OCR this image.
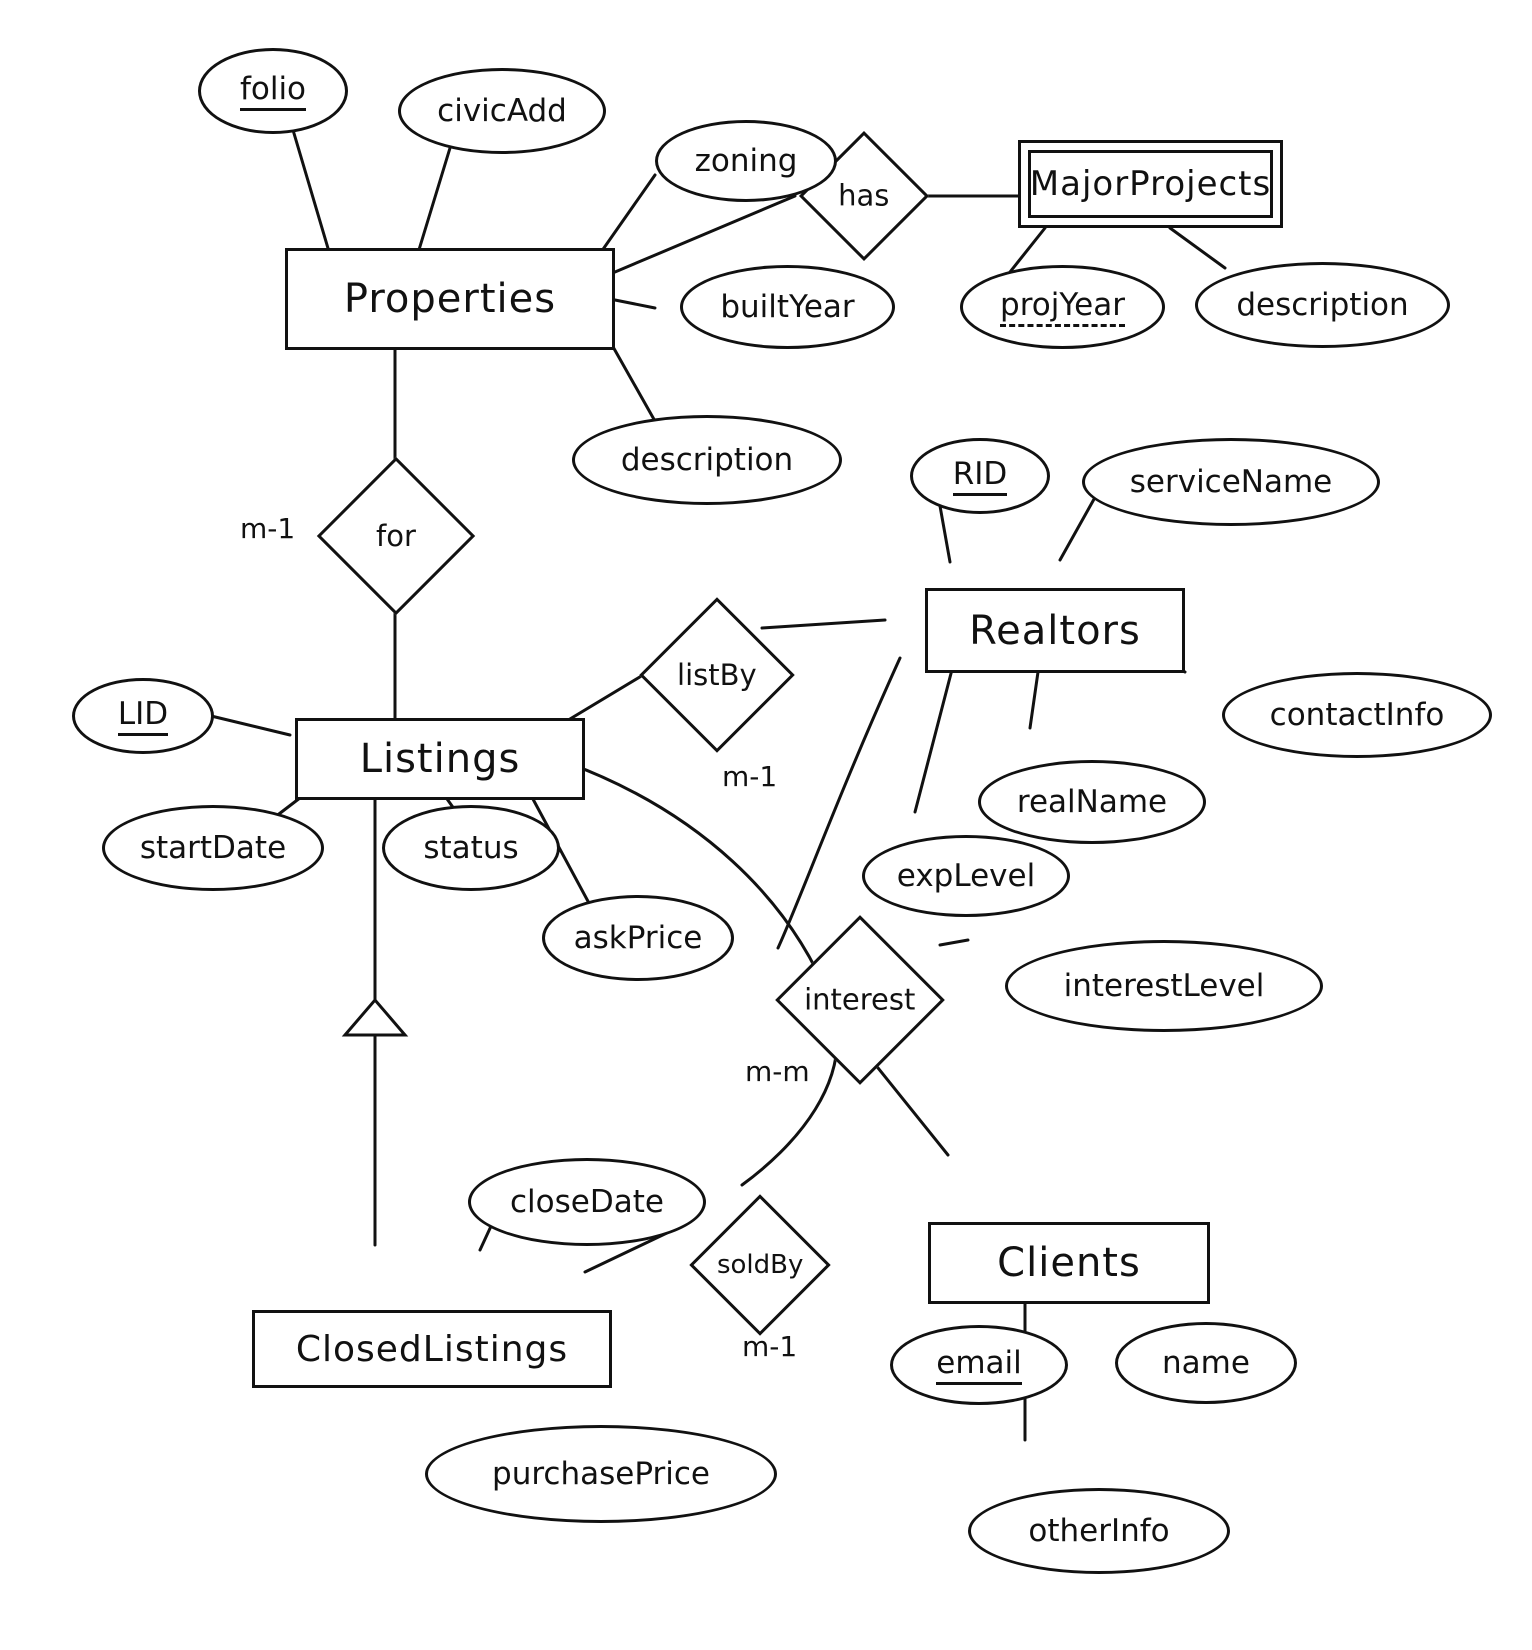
Properties
MajorProjects
Listings
Realtors
Clients
ClosedListings
has
for
listBy
interest
soldBy
m-1
m-1
m-m
m-1
folio
civicAdd
zoning
builtYear
description
projYear	description
LID
startDate	status
askPrice
RID	serviceName
contactInfo
realName
expLevel
interestLevel
email	name
otherInfo
closeDate
purchasePrice
